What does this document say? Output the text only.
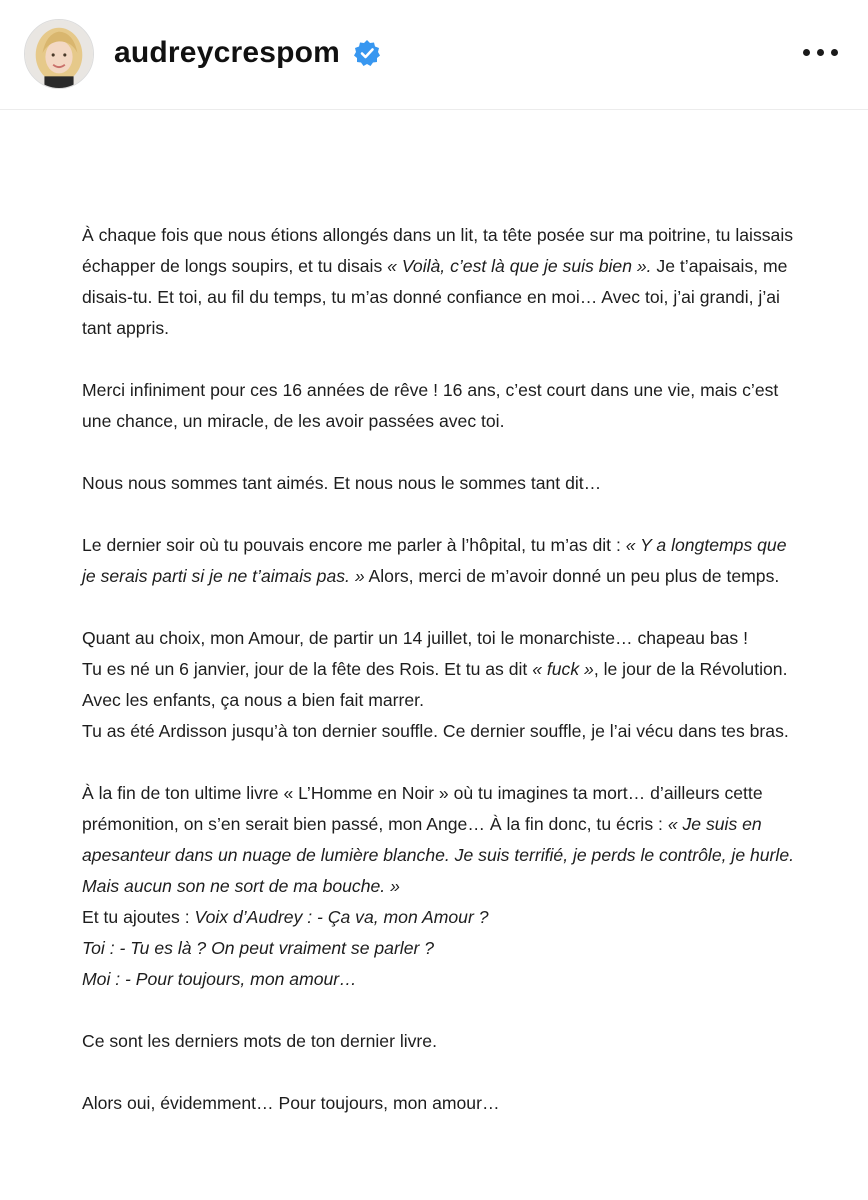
audreycrespom

À chaque fois que nous étions allongés dans un lit, ta tête posée sur ma poitrine, tu laissais
échapper de longs soupirs, et tu disais « Voilà, c’est là que je suis bien ». Je t’apaisais, me
disais-tu. Et toi, au fil du temps, tu m’as donné confiance en moi… Avec toi, j’ai grandi, j’ai
tant appris.

Merci infiniment pour ces 16 années de rêve ! 16 ans, c’est court dans une vie, mais c’est
une chance, un miracle, de les avoir passées avec toi.

Nous nous sommes tant aimés. Et nous nous le sommes tant dit…

Le dernier soir où tu pouvais encore me parler à l’hôpital, tu m’as dit : « Y a longtemps que
je serais parti si je ne t’aimais pas. » Alors, merci de m’avoir donné un peu plus de temps.

Quant au choix, mon Amour, de partir un 14 juillet, toi le monarchiste… chapeau bas !
Tu es né un 6 janvier, jour de la fête des Rois. Et tu as dit « fuck », le jour de la Révolution.
Avec les enfants, ça nous a bien fait marrer.
Tu as été Ardisson jusqu’à ton dernier souffle. Ce dernier souffle, je l’ai vécu dans tes bras.

À la fin de ton ultime livre « L’Homme en Noir » où tu imagines ta mort… d’ailleurs cette
prémonition, on s’en serait bien passé, mon Ange… À la fin donc, tu écris : « Je suis en
apesanteur dans un nuage de lumière blanche. Je suis terrifié, je perds le contrôle, je hurle.
Mais aucun son ne sort de ma bouche. »
Et tu ajoutes : Voix d’Audrey : - Ça va, mon Amour ?
Toi : - Tu es là ? On peut vraiment se parler ?
Moi : - Pour toujours, mon amour…

Ce sont les derniers mots de ton dernier livre.

Alors oui, évidemment… Pour toujours, mon amour…
